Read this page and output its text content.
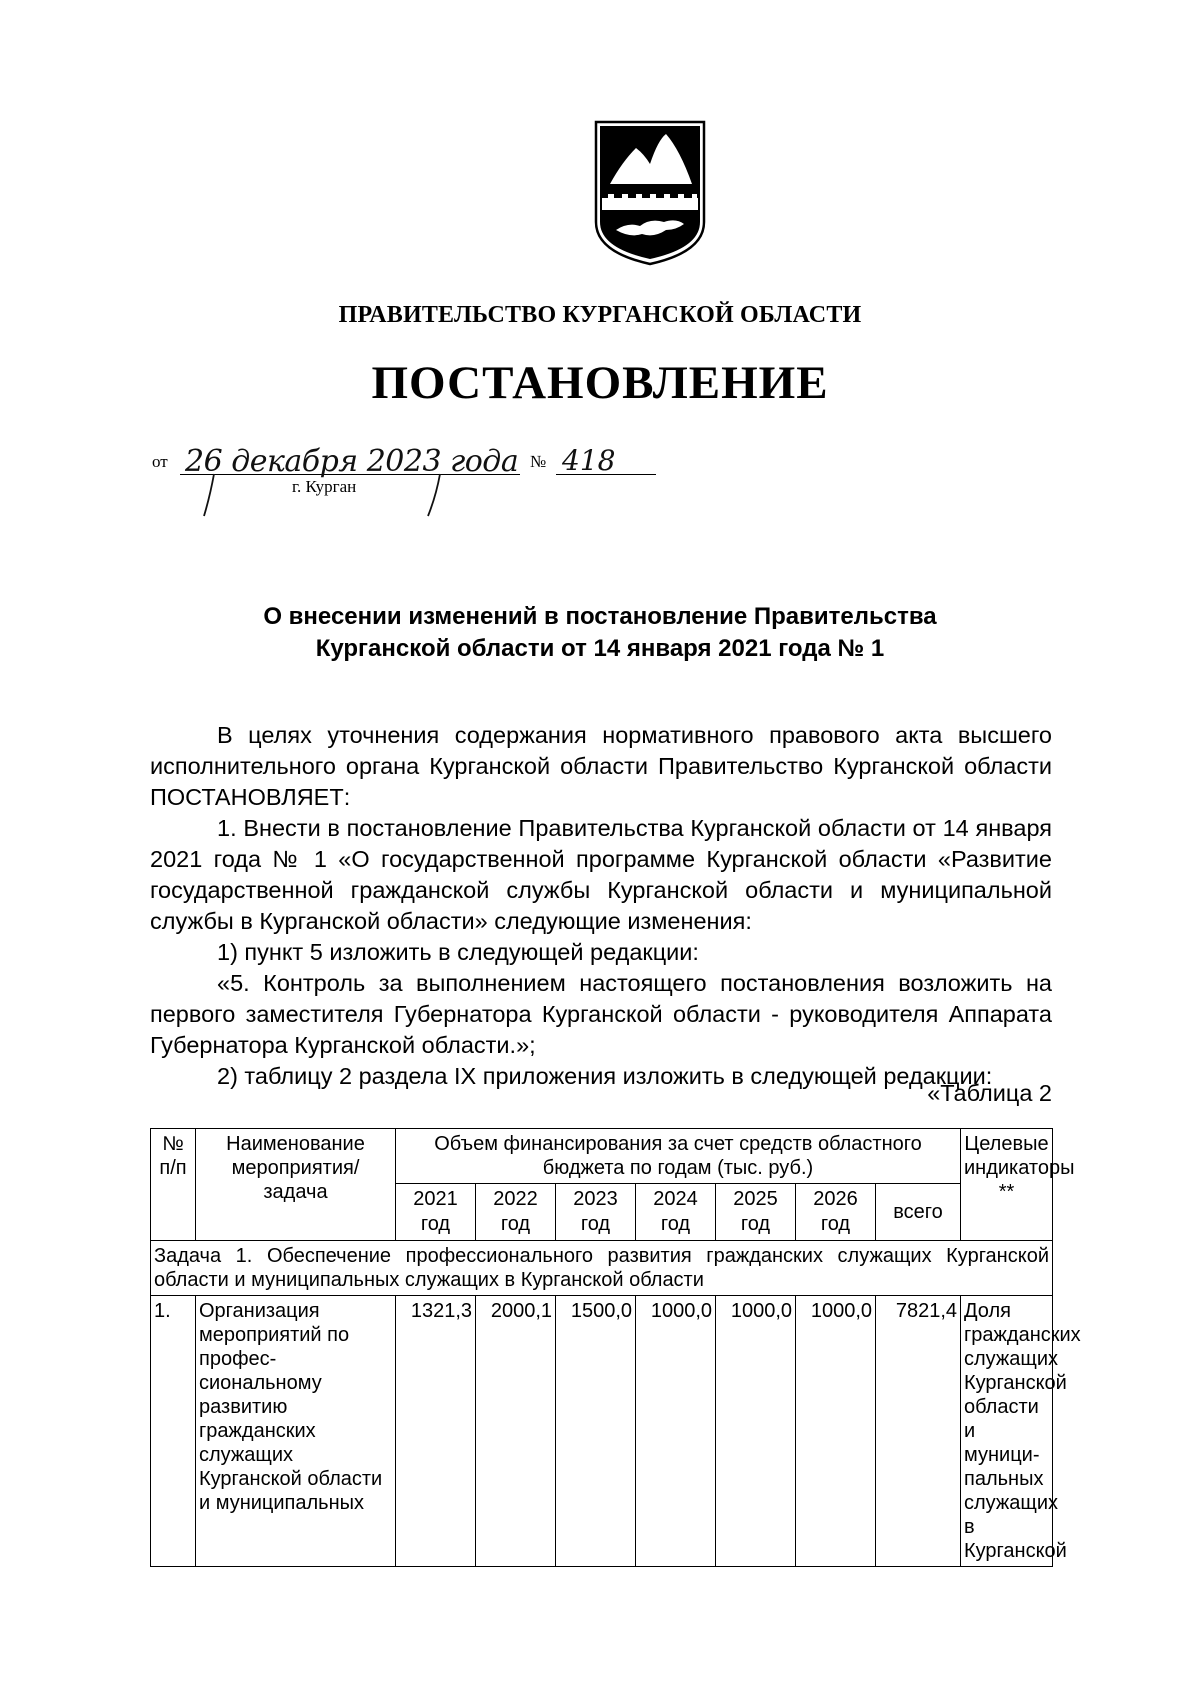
ПРАВИТЕЛЬСТВО КУРГАНСКОЙ ОБЛАСТИ
ПОСТАНОВЛЕНИЕ
от 26 декабря 2023 года № 418
г. Курган
О внесении изменений в постановление Правительства
Курганской области от 14 января 2021 года № 1

В целях уточнения содержания нормативного правового акта высшего исполнительного органа Курганской области Правительство Курганской области ПОСТАНОВЛЯЕТ:

1. Внести в постановление Правительства Курганской области от 14 января 2021 года № 1 «О государственной программе Курганской области «Развитие государственной гражданской службы Курганской области и муниципальной службы в Курганской области» следующие изменения:

1) пункт 5 изложить в следующей редакции:

«5. Контроль за выполнением настоящего постановления возложить на первого заместителя Губернатора Курганской области - руководителя Аппарата Губернатора Курганской области.»;

2) таблицу 2 раздела IX приложения изложить в следующей редакции:

«Таблица 2
№ п/п	Наименование мероприятия/ задача	Объем финансирования за счет средств областного бюджета по годам (тыс. руб.)							Целевые индикаторы **
		2021 год	2022 год	2023 год	2024 год	2025 год	2026 год	всего	
Задача 1. Обеспечение профессионального развития гражданских служащих Курганской области и муниципальных служащих в Курганской области									
1.	Организация мероприятий по профес-сиональному развитию гражданских служащих Курганской области и муниципальных	1321,3	2000,1	1500,0	1000,0	1000,0	1000,0	7821,4	Доля гражданских служащих Курганской области и муници-пальных служащих в Курганской
